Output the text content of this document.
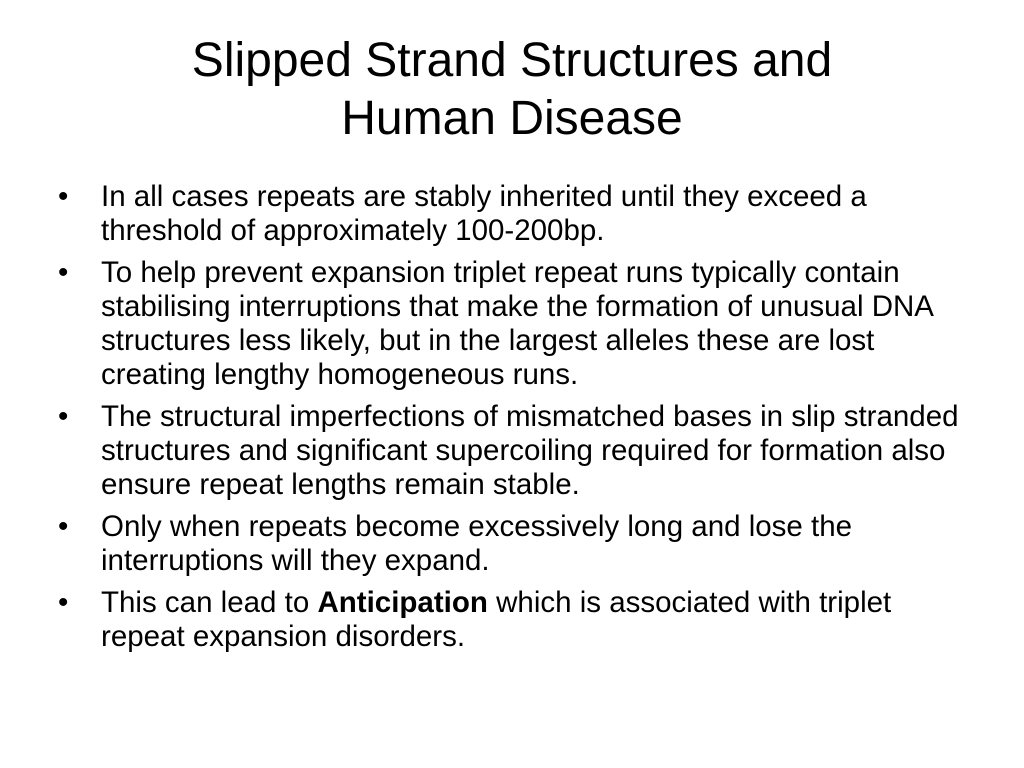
Slipped Strand Structures and
Human Disease
•	In all cases repeats are stably inherited until they exceed a threshold of approximately 100-200bp.
•	To help prevent expansion triplet repeat runs typically contain stabilising interruptions that make the formation of unusual DNA structures less likely, but in the largest alleles these are lost creating lengthy homogeneous runs.
•	The structural imperfections of mismatched bases in slip stranded structures and significant supercoiling required for formation also ensure repeat lengths remain stable.
•	Only when repeats become excessively long and lose the interruptions will they expand.
•	This can lead to Anticipation which is associated with triplet repeat expansion disorders.
